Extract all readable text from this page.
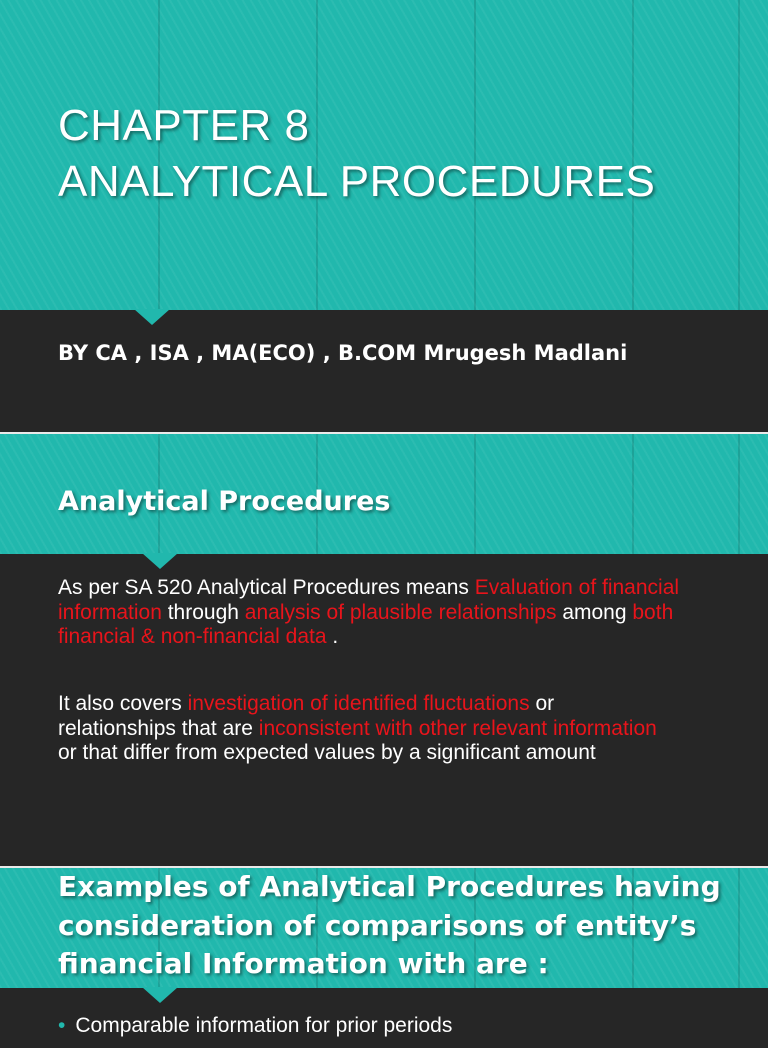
CHAPTER 8
ANALYTICAL PROCEDURES
BY CA , ISA , MA(ECO) , B.COM Mrugesh Madlani
Analytical Procedures

As per SA 520 Analytical Procedures means Evaluation of financial information through analysis of plausible relationships among both financial & non-financial data .

It also covers investigation of identified fluctuations or relationships that are inconsistent with other relevant information or that differ from expected values by a significant amount

Examples of Analytical Procedures having consideration of comparisons of entity’s financial Information with are :

• Comparable information for prior periods
